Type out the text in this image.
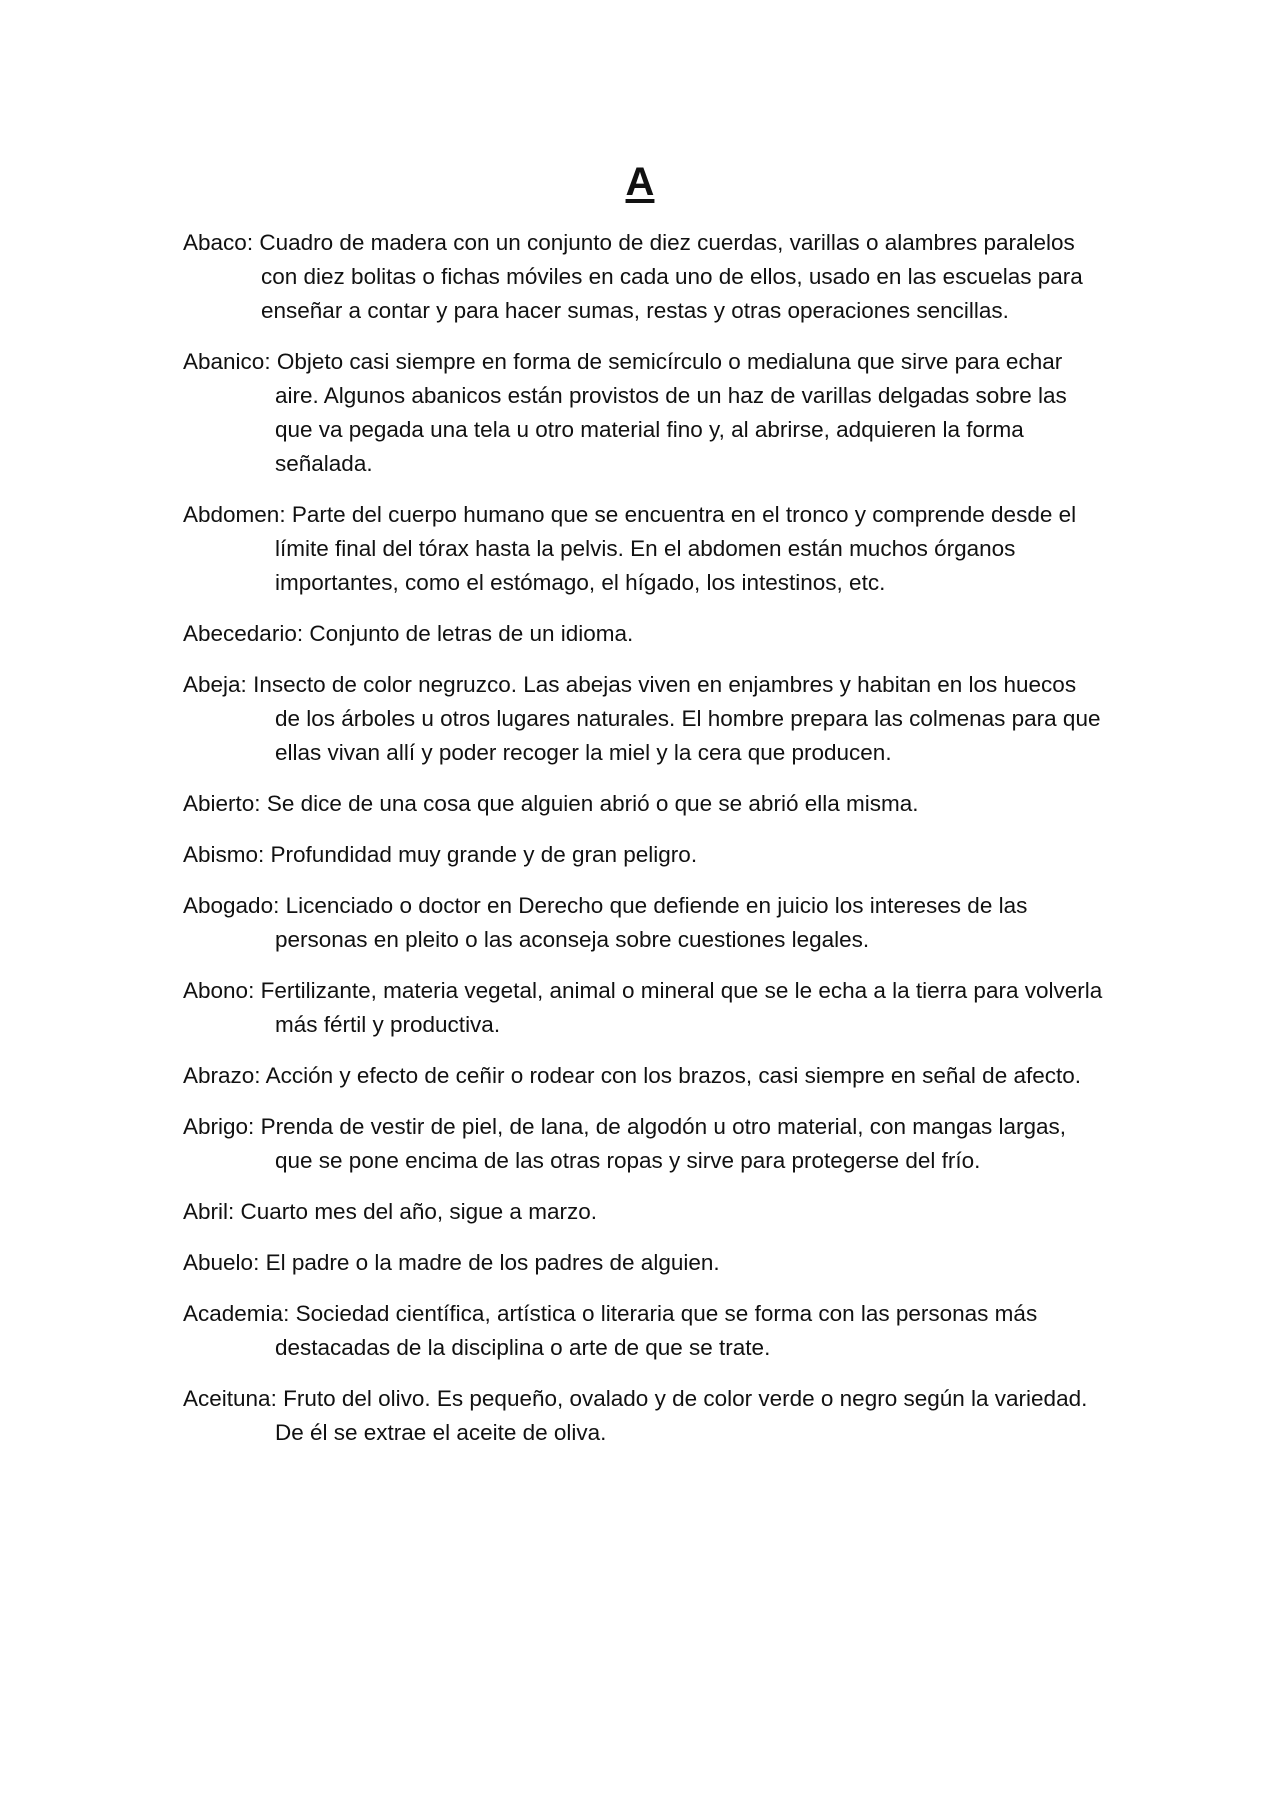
A

Abaco: Cuadro de madera con un conjunto de diez cuerdas, varillas o alambres paralelos con diez bolitas o fichas móviles en cada uno de ellos, usado en las escuelas para enseñar a contar y para hacer sumas, restas y otras operaciones sencillas.

Abanico: Objeto casi siempre en forma de semicírculo o medialuna que sirve para echar aire. Algunos abanicos están provistos de un haz de varillas delgadas sobre las que va pegada una tela u otro material fino y, al abrirse, adquieren la forma señalada.

Abdomen: Parte del cuerpo humano que se encuentra en el tronco y comprende desde el límite final del tórax hasta la pelvis. En el abdomen están muchos órganos importantes, como el estómago, el hígado, los intestinos, etc.

Abecedario: Conjunto de letras de un idioma.

Abeja: Insecto de color negruzco. Las abejas viven en enjambres y habitan en los huecos de los árboles u otros lugares naturales. El hombre prepara las colmenas para que ellas vivan allí y poder recoger la miel y la cera que producen.

Abierto: Se dice de una cosa que alguien abrió o que se abrió ella misma.

Abismo: Profundidad muy grande y de gran peligro.

Abogado: Licenciado o doctor en Derecho que defiende en juicio los intereses de las personas en pleito o las aconseja sobre cuestiones legales.

Abono: Fertilizante, materia vegetal, animal o mineral que se le echa a la tierra para volverla más fértil y productiva.

Abrazo: Acción y efecto de ceñir o rodear con los brazos, casi siempre en señal de afecto.

Abrigo: Prenda de vestir de piel, de lana, de algodón u otro material, con mangas largas, que se pone encima de las otras ropas y sirve para protegerse del frío.

Abril: Cuarto mes del año, sigue a marzo.

Abuelo: El padre o la madre de los padres de alguien.

Academia: Sociedad científica, artística o literaria que se forma con las personas más destacadas de la disciplina o arte de que se trate.

Aceituna: Fruto del olivo. Es pequeño, ovalado y de color verde o negro según la variedad. De él se extrae el aceite de oliva.
